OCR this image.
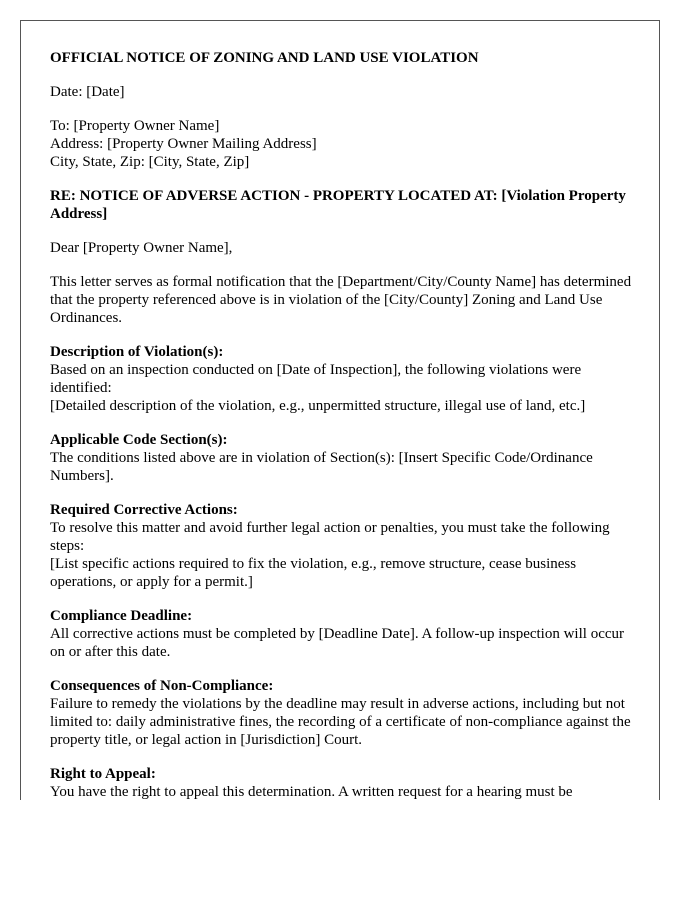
OFFICIAL NOTICE OF ZONING AND LAND USE VIOLATION

Date: [Date]

To: [Property Owner Name]
Address: [Property Owner Mailing Address]
City, State, Zip: [City, State, Zip]

RE: NOTICE OF ADVERSE ACTION - PROPERTY LOCATED AT: [Violation Property Address]

Dear [Property Owner Name],

This letter serves as formal notification that the [Department/City/County Name] has determined that the property referenced above is in violation of the [City/County] Zoning and Land Use Ordinances.

Description of Violation(s):
Based on an inspection conducted on [Date of Inspection], the following violations were identified:
[Detailed description of the violation, e.g., unpermitted structure, illegal use of land, etc.]

Applicable Code Section(s):
The conditions listed above are in violation of Section(s): [Insert Specific Code/Ordinance Numbers].

Required Corrective Actions:
To resolve this matter and avoid further legal action or penalties, you must take the following steps:
[List specific actions required to fix the violation, e.g., remove structure, cease business operations, or apply for a permit.]

Compliance Deadline:
All corrective actions must be completed by [Deadline Date]. A follow-up inspection will occur on or after this date.

Consequences of Non-Compliance:
Failure to remedy the violations by the deadline may result in adverse actions, including but not limited to: daily administrative fines, the recording of a certificate of non-compliance against the property title, or legal action in [Jurisdiction] Court.

Right to Appeal:
You have the right to appeal this determination. A written request for a hearing must be
